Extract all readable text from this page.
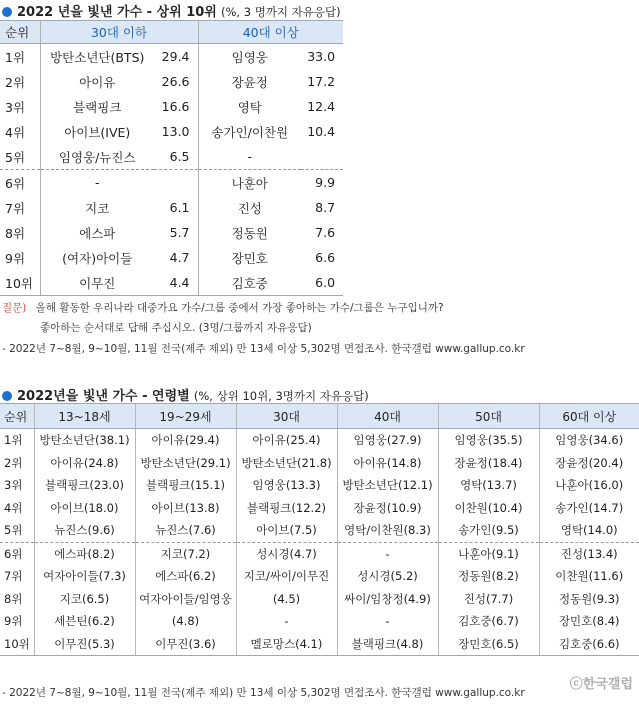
2022 년을 빛낸 가수 - 상위 10위 (%, 3 명까지 자유응답)
순위	30대 이하		40대 이상	
1위	방탄소년단(BTS)	29.4	임영웅	33.0
2위	아이유	26.6	장윤정	17.2
3위	블랙핑크	16.6	영탁	12.4
4위	아이브(IVE)	13.0	송가인/이찬원	10.4
5위	임영웅/뉴진스	6.5	-	
6위	-		나훈아	9.9
7위	지코	6.1	진성	8.7
8위	에스파	5.7	정동원	7.6
9위	(여자)아이들	4.7	장민호	6.6
10위	이무진	4.4	김호중	6.0
질문) 올해 활동한 우리나라 대중가요 가수/그룹 중에서 가장 좋아하는 가수/그룹은 누구입니까?
좋아하는 순서대로 답해 주십시오. (3명/그룹까지 자유응답)
- 2022년 7~8월, 9~10월, 11월 전국(제주 제외) 만 13세 이상 5,302명 면접조사. 한국갤럽 www.gallup.co.kr
2022년을 빛낸 가수 - 연령별 (%, 상위 10위, 3명까지 자유응답)
순위	13~18세	19~29세	30대	40대	50대	60대 이상
1위	방탄소년단(38.1)	아이유(29.4)	아이유(25.4)	임영웅(27.9)	임영웅(35.5)	임영웅(34.6)
2위	아이유(24.8)	방탄소년단(29.1)	방탄소년단(21.8)	아이유(14.8)	장윤정(18.4)	장윤정(20.4)
3위	블랙핑크(23.0)	블랙핑크(15.1)	임영웅(13.3)	방탄소년단(12.1)	영탁(13.7)	나훈아(16.0)
4위	아이브(18.0)	아이브(13.8)	블랙핑크(12.2)	장윤정(10.9)	이찬원(10.4)	송가인(14.7)
5위	뉴진스(9.6)	뉴진스(7.6)	아이브(7.5)	영탁/이찬원(8.3)	송가인(9.5)	영탁(14.0)
6위	에스파(8.2)	지코(7.2)	성시경(4.7)	-	나훈아(9.1)	진성(13.4)
7위	여자아이들(7.3)	에스파(6.2)	지코/싸이/이무진	성시경(5.2)	정동원(8.2)	이찬원(11.6)
8위	지코(6.5)	여자아이들/임영웅	(4.5)	싸이/임창정(4.9)	진성(7.7)	정동원(9.3)
9위	세븐틴(6.2)	(4.8)	-	-	김호중(6.7)	장민호(8.4)
10위	이무진(5.3)	이무진(3.6)	멜로망스(4.1)	블랙핑크(4.8)	장민호(6.5)	김호중(6.6)
- 2022년 7~8월, 9~10월, 11월 전국(제주 제외) 만 13세 이상 5,302명 면접조사. 한국갤럽 www.gallup.co.kr
ⓒ한국갤럽
